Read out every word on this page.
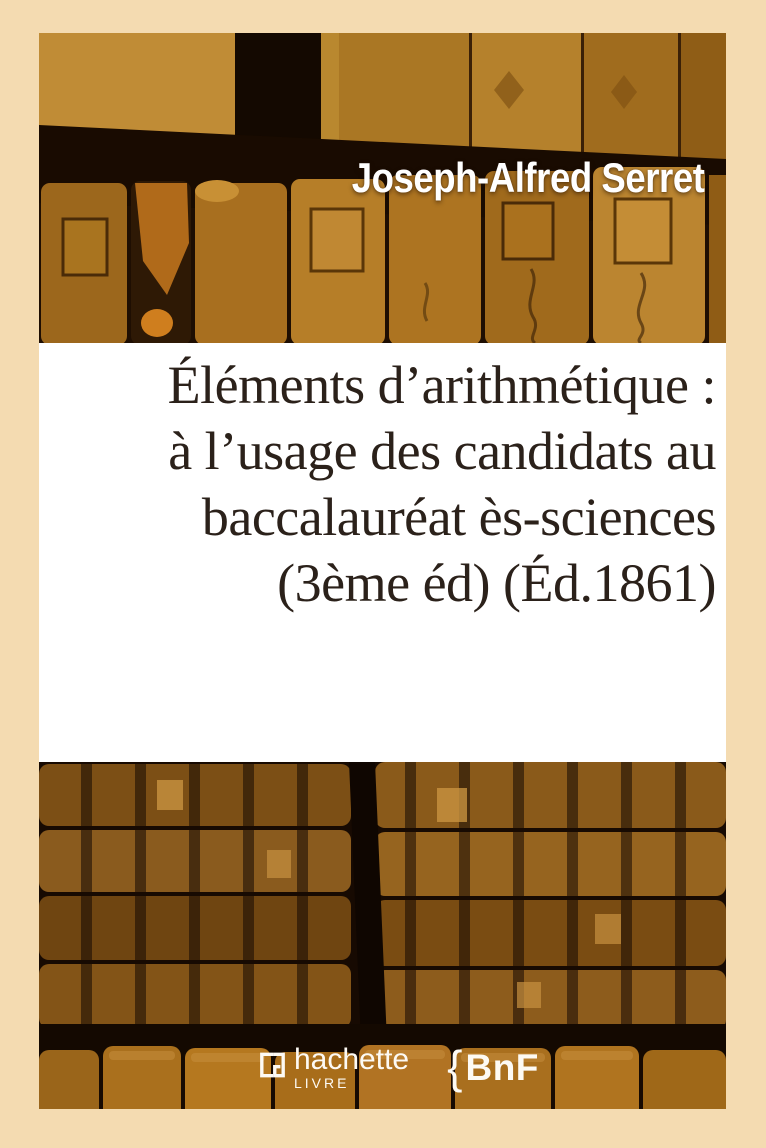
Joseph-Alfred Serret
Éléments d’arithmétique :
à l’usage des candidats au
baccalauréat ès-sciences
(3ème éd) (Éd.1861)
hachette
LIVRE	{ BnF
